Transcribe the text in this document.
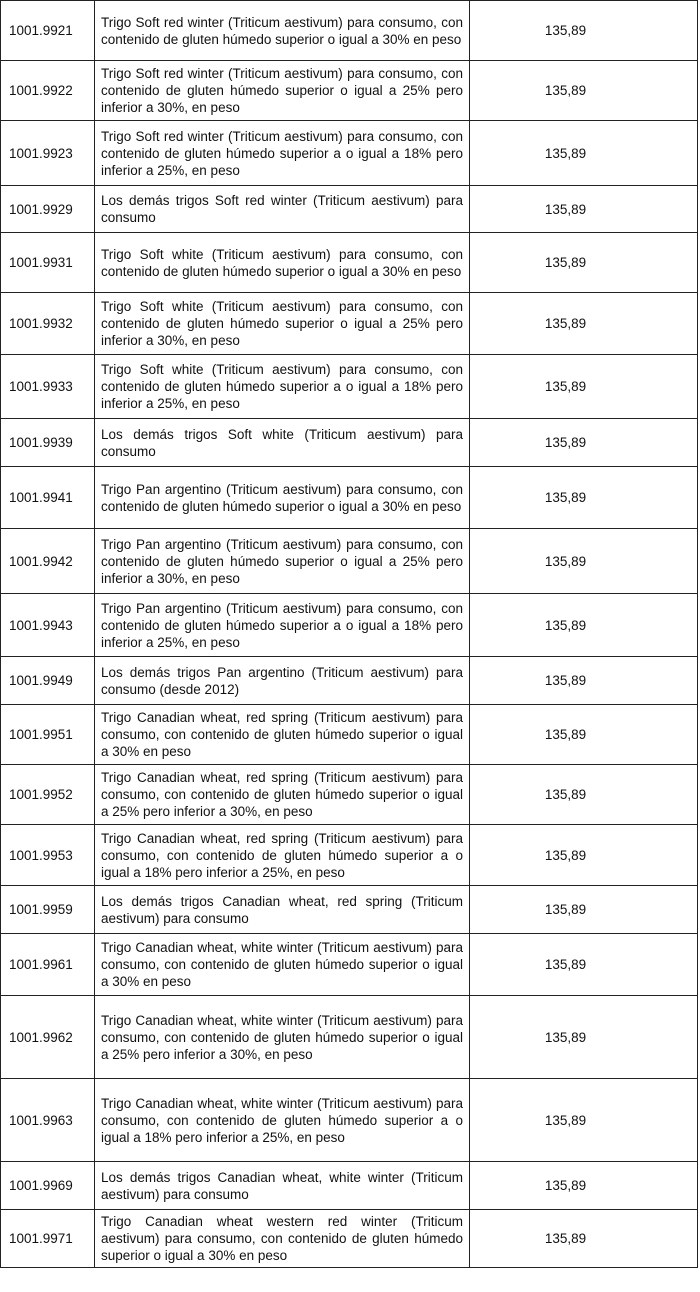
1001.9921	Trigo Soft red winter (Triticum aestivum) para consumo, con contenido de gluten húmedo superior o igual a 30% en peso	135,89
1001.9922	Trigo Soft red winter (Triticum aestivum) para consumo, con contenido de gluten húmedo superior o igual a 25% pero inferior a 30%, en peso	135,89
1001.9923	Trigo Soft red winter (Triticum aestivum) para consumo, con contenido de gluten húmedo superior a o igual a 18% pero inferior a 25%, en peso	135,89
1001.9929	Los demás trigos Soft red winter (Triticum aestivum) para consumo	135,89
1001.9931	Trigo Soft white (Triticum aestivum) para consumo, con contenido de gluten húmedo superior o igual a 30% en peso	135,89
1001.9932	Trigo Soft white (Triticum aestivum) para consumo, con contenido de gluten húmedo superior o igual a 25% pero inferior a 30%, en peso	135,89
1001.9933	Trigo Soft white (Triticum aestivum) para consumo, con contenido de gluten húmedo superior a o igual a 18% pero inferior a 25%, en peso	135,89
1001.9939	Los demás trigos Soft white (Triticum aestivum) para consumo	135,89
1001.9941	Trigo Pan argentino (Triticum aestivum) para consumo, con contenido de gluten húmedo superior o igual a 30% en peso	135,89
1001.9942	Trigo Pan argentino (Triticum aestivum) para consumo, con contenido de gluten húmedo superior o igual a 25% pero inferior a 30%, en peso	135,89
1001.9943	Trigo Pan argentino (Triticum aestivum) para consumo, con contenido de gluten húmedo superior a o igual a 18% pero inferior a 25%, en peso	135,89
1001.9949	Los demás trigos Pan argentino (Triticum aestivum) para consumo (desde 2012)	135,89
1001.9951	Trigo Canadian wheat, red spring (Triticum aestivum) para consumo, con contenido de gluten húmedo superior o igual a 30% en peso	135,89
1001.9952	Trigo Canadian wheat, red spring (Triticum aestivum) para consumo, con contenido de gluten húmedo superior o igual a 25% pero inferior a 30%, en peso	135,89
1001.9953	Trigo Canadian wheat, red spring (Triticum aestivum) para consumo, con contenido de gluten húmedo superior a o igual a 18% pero inferior a 25%, en peso	135,89
1001.9959	Los demás trigos Canadian wheat, red spring (Triticum aestivum) para consumo	135,89
1001.9961	Trigo Canadian wheat, white winter (Triticum aestivum) para consumo, con contenido de gluten húmedo superior o igual a 30% en peso	135,89
1001.9962	Trigo Canadian wheat, white winter (Triticum aestivum) para consumo, con contenido de gluten húmedo superior o igual a 25% pero inferior a 30%, en peso	135,89
1001.9963	Trigo Canadian wheat, white winter (Triticum aestivum) para consumo, con contenido de gluten húmedo superior a o igual a 18% pero inferior a 25%, en peso	135,89
1001.9969	Los demás trigos Canadian wheat, white winter (Triticum aestivum) para consumo	135,89
1001.9971	Trigo Canadian wheat western red winter (Triticum aestivum) para consumo, con contenido de gluten húmedo superior o igual a 30% en peso	135,89
